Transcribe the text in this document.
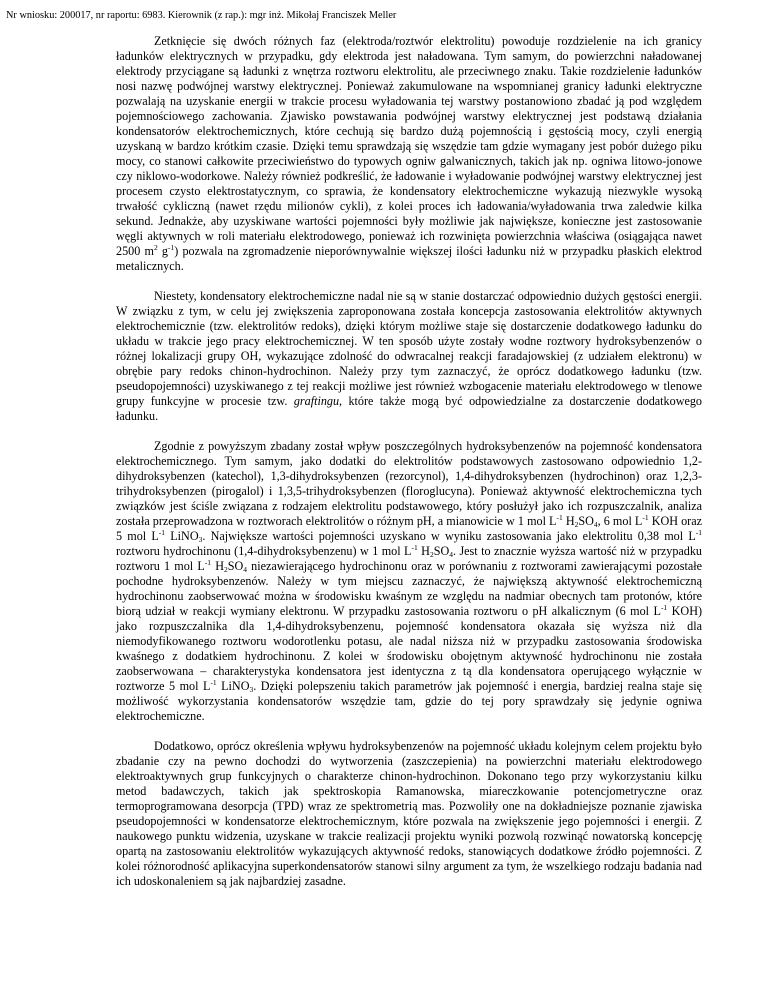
Nr wniosku: 200017, nr raportu: 6983. Kierownik (z rap.): mgr inż. Mikołaj Franciszek Meller

Zetknięcie się dwóch różnych faz (elektroda/roztwór elektrolitu) powoduje rozdzielenie na ich granicy ładunków elektrycznych w przypadku, gdy elektroda jest naładowana. Tym samym, do powierzchni naładowanej elektrody przyciągane są ładunki z wnętrza roztworu elektrolitu, ale przeciwnego znaku. Takie rozdzielenie ładunków nosi nazwę podwójnej warstwy elektrycznej. Ponieważ zakumulowane na wspomnianej granicy ładunki elektryczne pozwalają na uzyskanie energii w trakcie procesu wyładowania tej warstwy postanowiono zbadać ją pod względem pojemnościowego zachowania. Zjawisko powstawania podwójnej warstwy elektrycznej jest podstawą działania kondensatorów elektrochemicznych, które cechują się bardzo dużą pojemnością i gęstością mocy, czyli energią uzyskaną w bardzo krótkim czasie. Dzięki temu sprawdzają się wszędzie tam gdzie wymagany jest pobór dużego piku mocy, co stanowi całkowite przeciwieństwo do typowych ogniw galwanicznych, takich jak np. ogniwa litowo-jonowe czy niklowo-wodorkowe. Należy również podkreślić, że ładowanie i wyładowanie podwójnej warstwy elektrycznej jest procesem czysto elektrostatycznym, co sprawia, że kondensatory elektrochemiczne wykazują niezwykle wysoką trwałość cykliczną (nawet rzędu milionów cykli), z kolei proces ich ładowania/wyładowania trwa zaledwie kilka sekund. Jednakże, aby uzyskiwane wartości pojemności były możliwie jak największe, konieczne jest zastosowanie węgli aktywnych w roli materiału elektrodowego, ponieważ ich rozwinięta powierzchnia właściwa (osiągająca nawet 2500 $m^2$ $g^{-1}$) pozwala na zgromadzenie nieporównywalnie większej ilości ładunku niż w przypadku płaskich elektrod metalicznych.

Niestety, kondensatory elektrochemiczne nadal nie są w stanie dostarczać odpowiednio dużych gęstości energii. W związku z tym, w celu jej zwiększenia zaproponowana została koncepcja zastosowania elektrolitów aktywnych elektrochemicznie (tzw. elektrolitów redoks), dzięki którym możliwe staje się dostarczenie dodatkowego ładunku do układu w trakcie jego pracy elektrochemicznej. W ten sposób użyte zostały wodne roztwory hydroksybenzenów o różnej lokalizacji grupy OH, wykazujące zdolność do odwracalnej reakcji faradajowskiej (z udziałem elektronu) w obrębie pary redoks chinon-hydrochinon. Należy przy tym zaznaczyć, że oprócz dodatkowego ładunku (tzw. pseudopojemności) uzyskiwanego z tej reakcji możliwe jest również wzbogacenie materiału elektrodowego w tlenowe grupy funkcyjne w procesie tzw. graftingu, które także mogą być odpowiedzialne za dostarczenie dodatkowego ładunku.

Zgodnie z powyższym zbadany został wpływ poszczególnych hydroksybenzenów na pojemność kondensatora elektrochemicznego. Tym samym, jako dodatki do elektrolitów podstawowych zastosowano odpowiednio 1,2-dihydroksybenzen (katechol), 1,3-dihydroksybenzen (rezorcynol), 1,4-dihydroksybenzen (hydrochinon) oraz 1,2,3-trihydroksybenzen (pirogalol) i 1,3,5-trihydroksybenzen (floroglucyna). Ponieważ aktywność elektrochemiczna tych związków jest ściśle związana z rodzajem elektrolitu podstawowego, który posłużył jako ich rozpuszczalnik, analiza została przeprowadzona w roztworach elektrolitów o różnym pH, a mianowicie w 1 mol $L^{-1}$ $H_2SO_4$, 6 mol $L^{-1}$ KOH oraz 5 mol $L^{-1}$ LiNO$_3$. Największe wartości pojemności uzyskano w wyniku zastosowania jako elektrolitu 0,38 mol $L^{-1}$ roztworu hydrochinonu (1,4-dihydroksybenzenu) w 1 mol $L^{-1}$ $H_2SO_4$. Jest to znacznie wyższa wartość niż w przypadku roztworu 1 mol $L^{-1}$ $H_2SO_4$ niezawierającego hydrochinonu oraz w porównaniu z roztworami zawierającymi pozostałe pochodne hydroksybenzenów. Należy w tym miejscu zaznaczyć, że największą aktywność elektrochemiczną hydrochinonu zaobserwować można w środowisku kwaśnym ze względu na nadmiar obecnych tam protonów, które biorą udział w reakcji wymiany elektronu. W przypadku zastosowania roztworu o pH alkalicznym (6 mol $L^{-1}$ KOH) jako rozpuszczalnika dla 1,4-dihydroksybenzenu, pojemność kondensatora okazała się wyższa niż dla niemodyfikowanego roztworu wodorotlenku potasu, ale nadal niższa niż w przypadku zastosowania środowiska kwaśnego z dodatkiem hydrochinonu. Z kolei w środowisku obojętnym aktywność hydrochinonu nie została zaobserwowana – charakterystyka kondensatora jest identyczna z tą dla kondensatora operującego wyłącznie w roztworze 5 mol $L^{-1}$ LiNO$_3$. Dzięki polepszeniu takich parametrów jak pojemność i energia, bardziej realna staje się możliwość wykorzystania kondensatorów wszędzie tam, gdzie do tej pory sprawdzały się jedynie ogniwa elektrochemiczne.

Dodatkowo, oprócz określenia wpływu hydroksybenzenów na pojemność układu kolejnym celem projektu było zbadanie czy na pewno dochodzi do wytworzenia (zaszczepienia) na powierzchni materiału elektrodowego elektroaktywnych grup funkcyjnych o charakterze chinon-hydrochinon. Dokonano tego przy wykorzystaniu kilku metod badawczych, takich jak spektroskopia Ramanowska, miareczkowanie potencjometryczne oraz termoprogramowana desorpcja (TPD) wraz ze spektrometrią mas. Pozwoliły one na dokładniejsze poznanie zjawiska pseudopojemności w kondensatorze elektrochemicznym, które pozwala na zwiększenie jego pojemności i energii. Z naukowego punktu widzenia, uzyskane w trakcie realizacji projektu wyniki pozwolą rozwinąć nowatorską koncepcję opartą na zastosowaniu elektrolitów wykazujących aktywność redoks, stanowiących dodatkowe źródło pojemności. Z kolei różnorodność aplikacyjna superkondensatorów stanowi silny argument za tym, że wszelkiego rodzaju badania nad ich udoskonaleniem są jak najbardziej zasadne.
